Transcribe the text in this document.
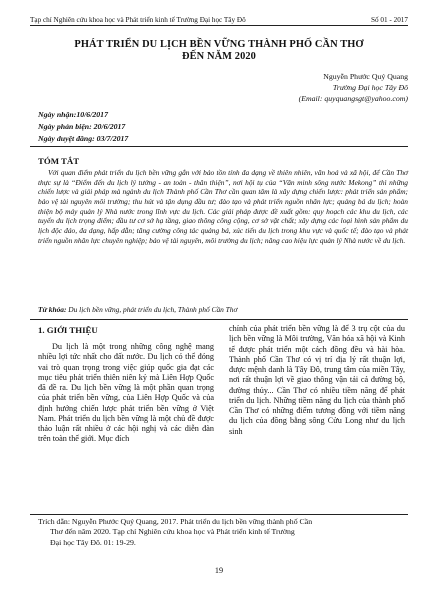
Tạp chí Nghiên cứu khoa học và Phát triển kinh tế Trường Đại học Tây Đô	Số 01 - 2017
PHÁT TRIỂN DU LỊCH BỀN VỮNG THÀNH PHỐ CẦN THƠ
ĐẾN NĂM 2020
Nguyễn Phước Quý Quang
Trường Đại học Tây Đô
(Email: quyquangsgt@yahoo.com)
Ngày nhận:10/6/2017
Ngày phản biện: 20/6/2017
Ngày duyệt đăng: 03/7/2017
TÓM TẮT
Với quan điểm phát triển du lịch bền vững gắn với bảo tồn tính đa dạng về thiên nhiên, văn hoá và xã hội, để Cần Thơ thực sự là “Điểm đến du lịch lý tưởng - an toàn - thân thiện”, nơi hội tụ của “Văn minh sông nước Mekong” thì những chiến lược và giải pháp mà ngành du lịch Thành phố Cần Thơ cần quan tâm là xây dựng chiến lược: phát triển sản phẩm; bảo vệ tài nguyên môi trường; thu hút và tận dụng đầu tư; đào tạo và phát triển nguồn nhân lực; quảng bá du lịch; hoàn thiện bộ máy quản lý Nhà nước trong lĩnh vực du lịch. Các giải pháp được đề xuất gồm: quy hoạch các khu du lịch, các tuyến du lịch trọng điểm; đầu tư cơ sở hạ tầng, giao thông công cộng, cơ sở vật chất; xây dựng các loại hình sản phẩm du lịch độc đáo, đa dạng, hấp dẫn; tăng cường công tác quảng bá, xúc tiến du lịch trong khu vực và quốc tế; đào tạo và phát triển nguồn nhân lực chuyên nghiệp; bảo vệ tài nguyên, môi trường du lịch; nâng cao hiệu lực quản lý Nhà nước về du lịch.
Từ khóa: Du lịch bền vững, phát triển du lịch, Thành phố Cần Thơ
1. GIỚI THIỆU
Du lịch là một trong những công nghệ mang nhiều lợi tức nhất cho đất nước. Du lịch có thể đóng vai trò quan trọng trong việc giúp quốc gia đạt các mục tiêu phát triển thiên niên kỷ mà Liên Hợp Quốc đã đề ra. Du lịch bền vững là một phần quan trọng của phát triển bền vững, của Liên Hợp Quốc và của định hướng chiến lược phát triển bền vững ở Việt Nam. Phát triển du lịch bền vững là một chủ đề được thảo luận rất nhiều ở các hội nghị và các diễn đàn trên toàn thế giới. Mục đích
chính của phát triển bền vững là để 3 trụ cột của du lịch bền vững là Môi trường, Văn hóa xã hội và Kinh tế được phát triển một cách đồng đều và hài hòa. Thành phố Cần Thơ có vị trí địa lý rất thuận lợi, được mệnh danh là Tây Đô, trung tâm của miền Tây, nơi rất thuận lợi về giao thông vận tải cả đường bộ, đường thủy... Cần Thơ có nhiều tiềm năng để phát triển du lịch. Những tiềm năng du lịch của thành phố Cần Thơ có những điểm tương đồng với tiềm năng du lịch của đồng bằng sông Cửu Long như du lịch sinh
Trích dẫn: Nguyễn Phước Quý Quang, 2017. Phát triển du lịch bền vững thành phố Cần
Thơ đến năm 2020. Tạp chí Nghiên cứu khoa học và Phát triển kinh tế Trường
Đại học Tây Đô. 01: 19-29.
19
